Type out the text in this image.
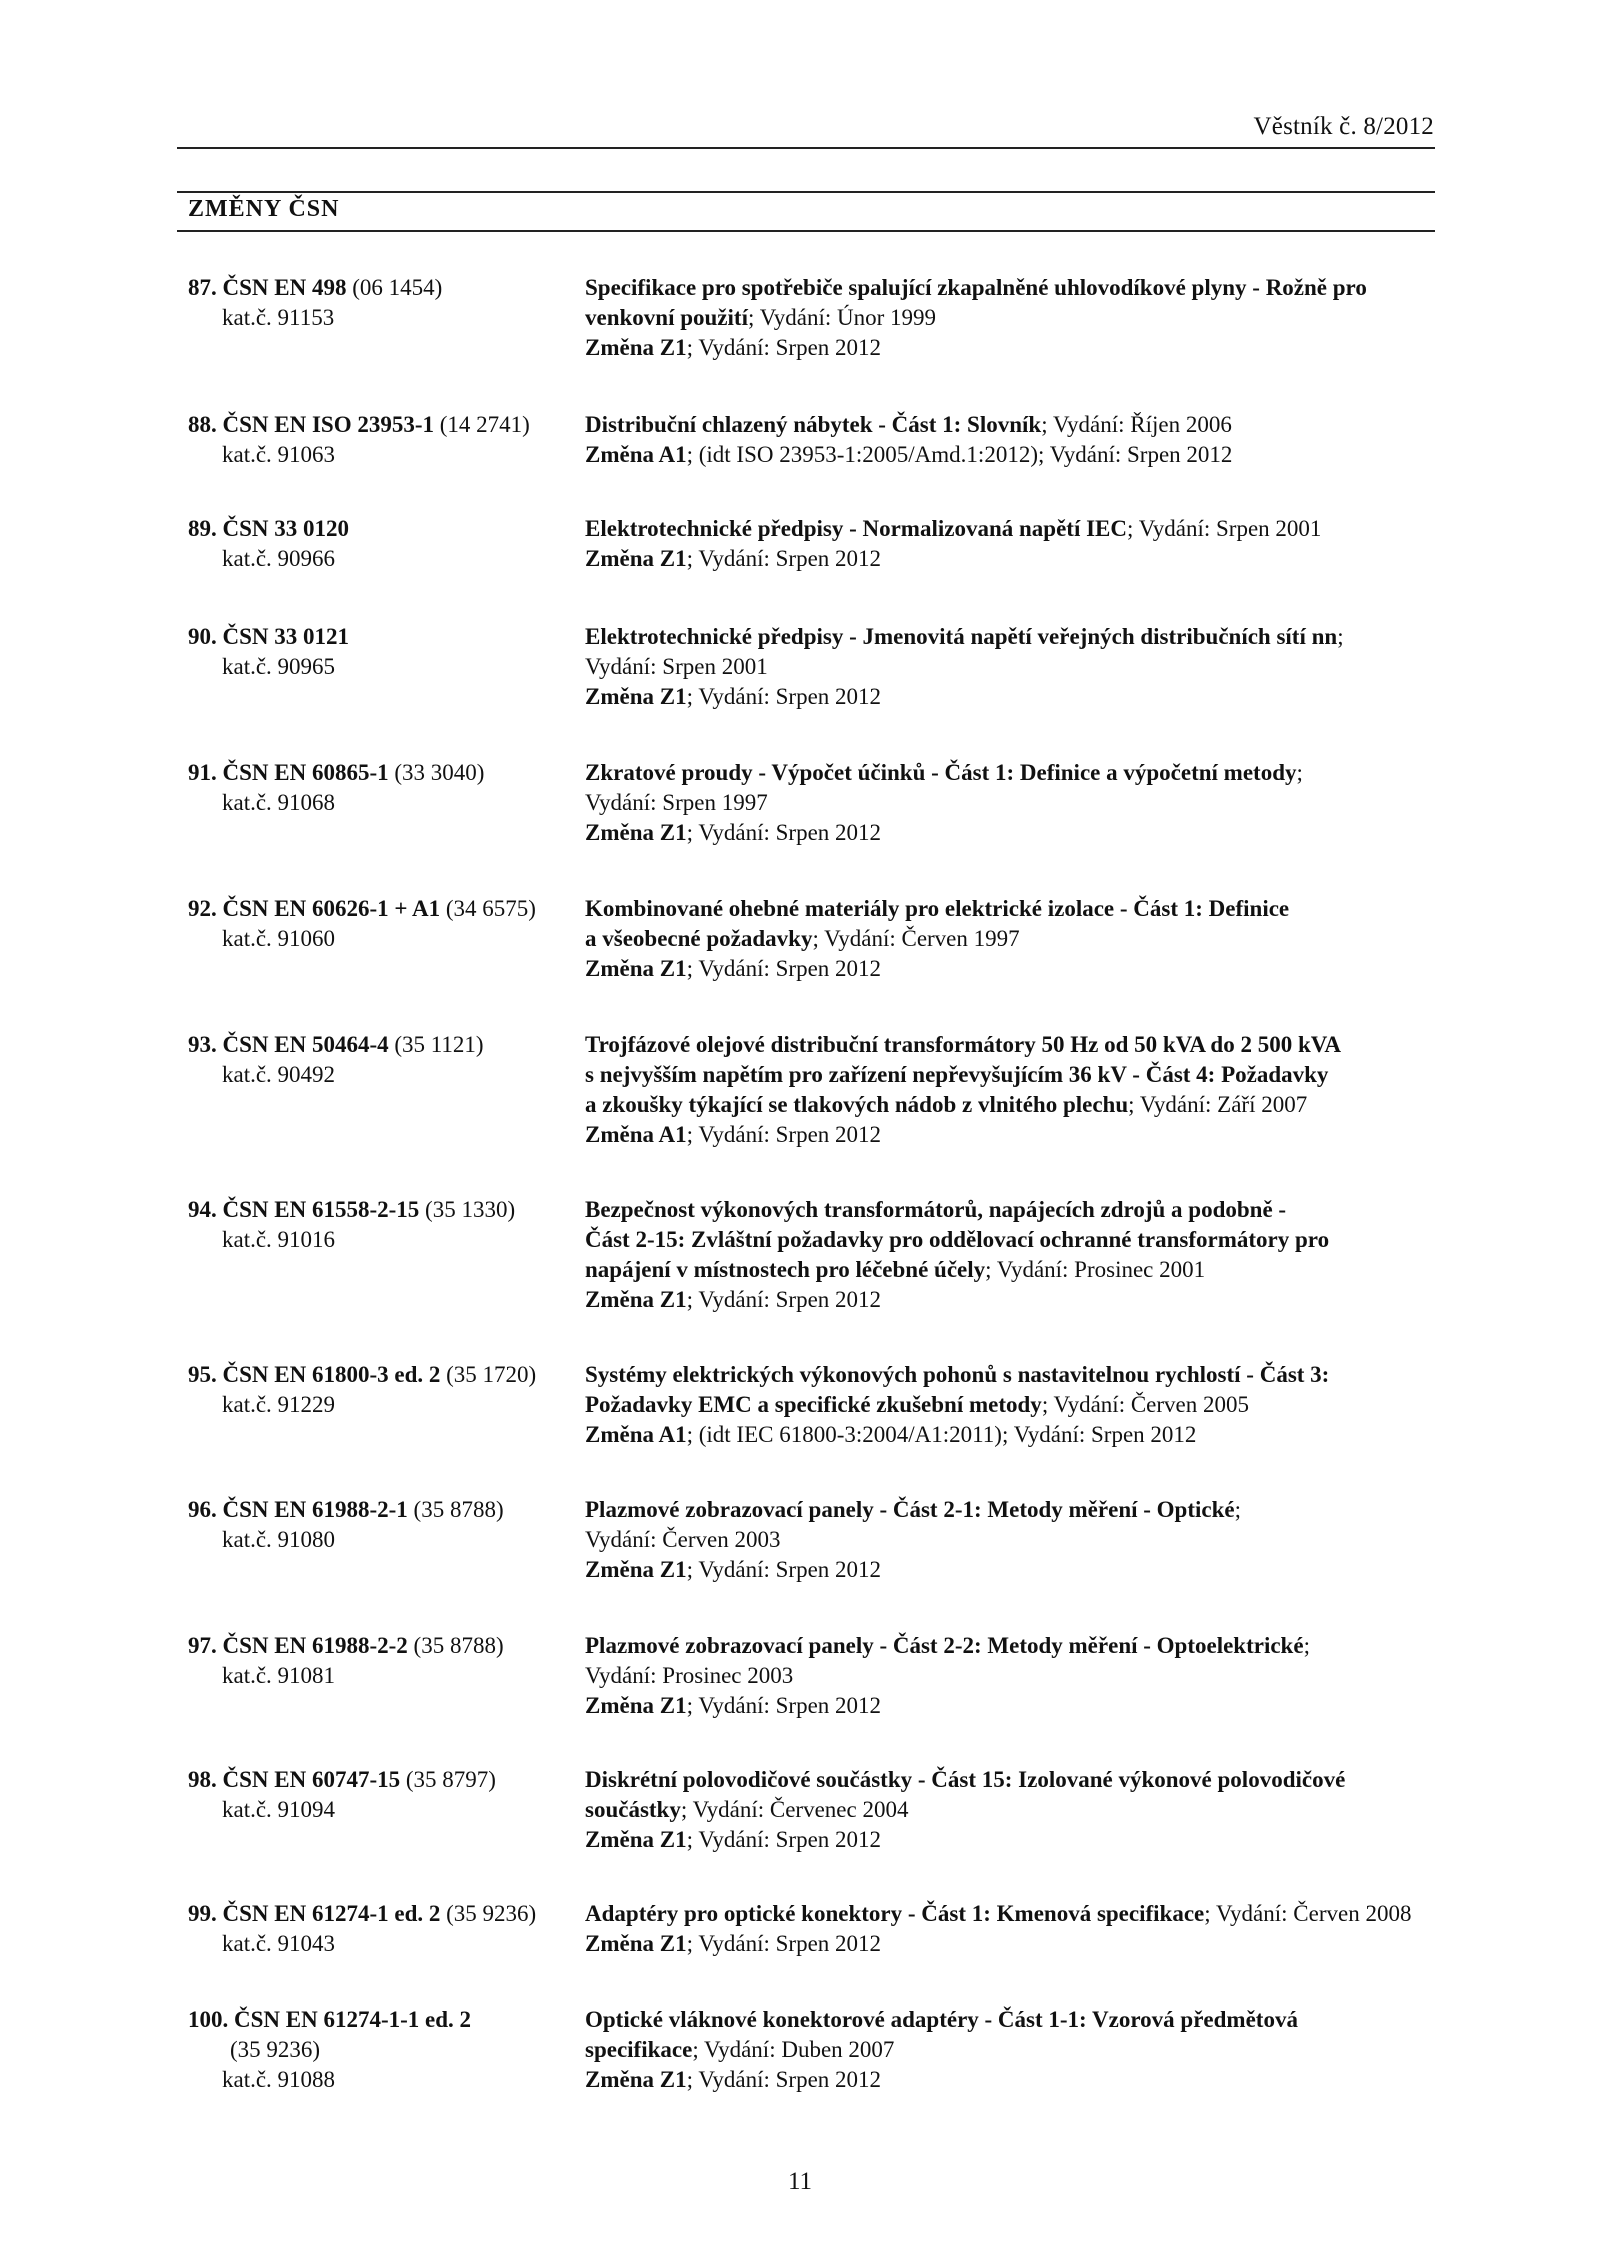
Věstník č. 8/2012
ZMĚNY ČSN
87. ČSN EN 498 (06 1454)
kat.č. 91153
Specifikace pro spotřebiče spalující zkapalněné uhlovodíkové plyny - Rožně pro
venkovní použití; Vydání: Únor 1999
Změna Z1; Vydání: Srpen 2012
88. ČSN EN ISO 23953-1 (14 2741)
kat.č. 91063
Distribuční chlazený nábytek - Část 1: Slovník; Vydání: Říjen 2006
Změna A1; (idt ISO 23953-1:2005/Amd.1:2012); Vydání: Srpen 2012
89. ČSN 33 0120
kat.č. 90966
Elektrotechnické předpisy - Normalizovaná napětí IEC; Vydání: Srpen 2001
Změna Z1; Vydání: Srpen 2012
90. ČSN 33 0121
kat.č. 90965
Elektrotechnické předpisy - Jmenovitá napětí veřejných distribučních sítí nn;
Vydání: Srpen 2001
Změna Z1; Vydání: Srpen 2012
91. ČSN EN 60865-1 (33 3040)
kat.č. 91068
Zkratové proudy - Výpočet účinků - Část 1: Definice a výpočetní metody;
Vydání: Srpen 1997
Změna Z1; Vydání: Srpen 2012
92. ČSN EN 60626-1 + A1 (34 6575)
kat.č. 91060
Kombinované ohebné materiály pro elektrické izolace - Část 1: Definice
a všeobecné požadavky; Vydání: Červen 1997
Změna Z1; Vydání: Srpen 2012
93. ČSN EN 50464-4 (35 1121)
kat.č. 90492
Trojfázové olejové distribuční transformátory 50 Hz od 50 kVA do 2 500 kVA
s nejvyšším napětím pro zařízení nepřevyšujícím 36 kV - Část 4: Požadavky
a zkoušky týkající se tlakových nádob z vlnitého plechu; Vydání: Září 2007
Změna A1; Vydání: Srpen 2012
94. ČSN EN 61558-2-15 (35 1330)
kat.č. 91016
Bezpečnost výkonových transformátorů, napájecích zdrojů a podobně -
Část 2-15: Zvláštní požadavky pro oddělovací ochranné transformátory pro
napájení v místnostech pro léčebné účely; Vydání: Prosinec 2001
Změna Z1; Vydání: Srpen 2012
95. ČSN EN 61800-3 ed. 2 (35 1720)
kat.č. 91229
Systémy elektrických výkonových pohonů s nastavitelnou rychlostí - Část 3:
Požadavky EMC a specifické zkušební metody; Vydání: Červen 2005
Změna A1; (idt IEC 61800-3:2004/A1:2011); Vydání: Srpen 2012
96. ČSN EN 61988-2-1 (35 8788)
kat.č. 91080
Plazmové zobrazovací panely - Část 2-1: Metody měření - Optické;
Vydání: Červen 2003
Změna Z1; Vydání: Srpen 2012
97. ČSN EN 61988-2-2 (35 8788)
kat.č. 91081
Plazmové zobrazovací panely - Část 2-2: Metody měření - Optoelektrické;
Vydání: Prosinec 2003
Změna Z1; Vydání: Srpen 2012
98. ČSN EN 60747-15 (35 8797)
kat.č. 91094
Diskrétní polovodičové součástky - Část 15: Izolované výkonové polovodičové
součástky; Vydání: Červenec 2004
Změna Z1; Vydání: Srpen 2012
99. ČSN EN 61274-1 ed. 2 (35 9236)
kat.č. 91043
Adaptéry pro optické konektory - Část 1: Kmenová specifikace; Vydání: Červen 2008
Změna Z1; Vydání: Srpen 2012
100. ČSN EN 61274-1-1 ed. 2
(35 9236)
kat.č. 91088
Optické vláknové konektorové adaptéry - Část 1-1: Vzorová předmětová
specifikace; Vydání: Duben 2007
Změna Z1; Vydání: Srpen 2012
11
